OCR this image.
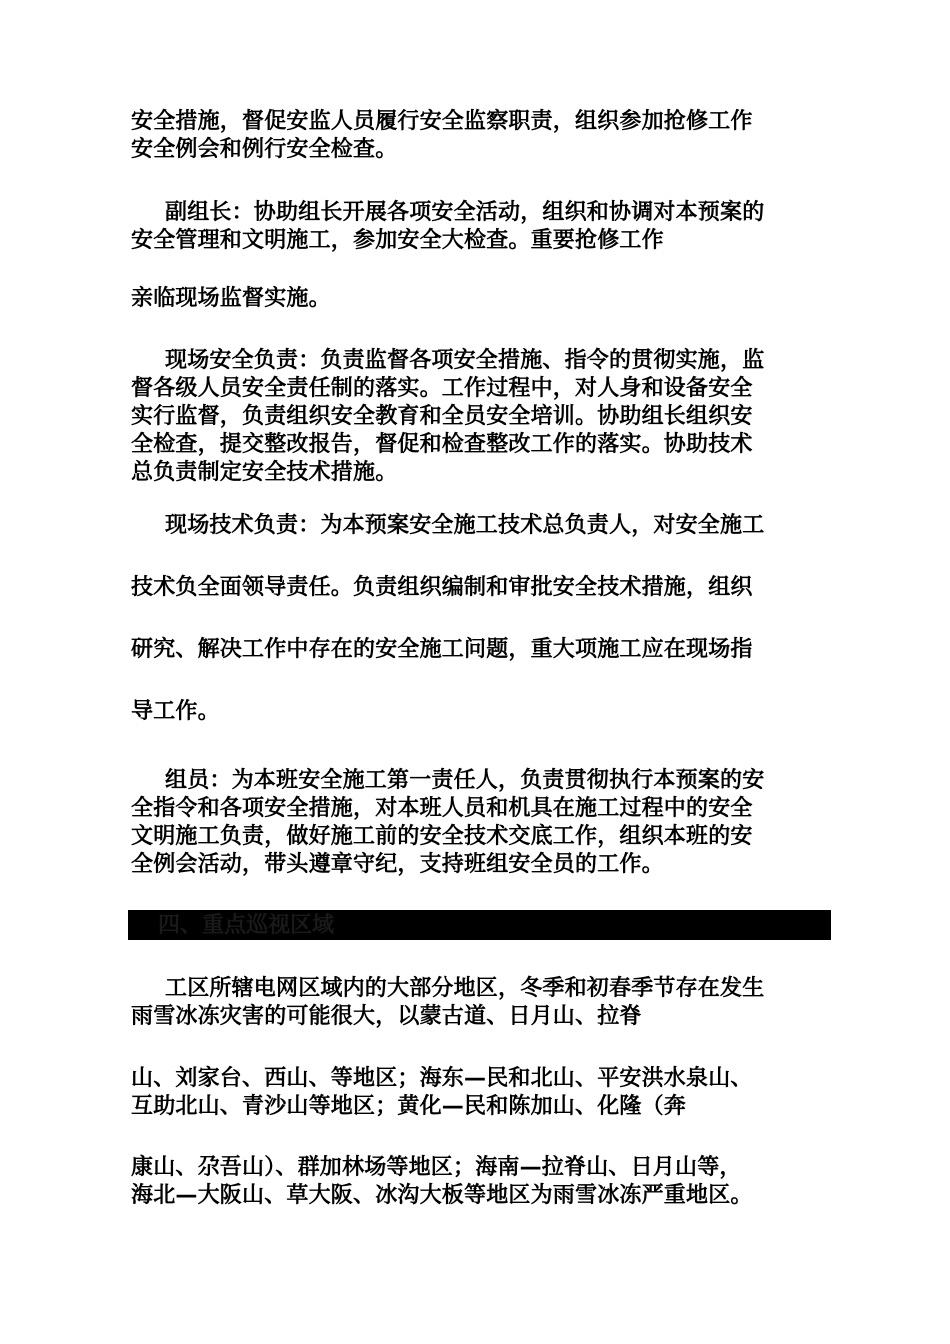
安全措施，督促安监人员履行安全监察职责，组织参加抢修工作
安全例会和例行安全检查。
副组长：协助组长开展各项安全活动，组织和协调对本预案的
安全管理和文明施工，参加安全大检查。重要抢修工作
亲临现场监督实施。
现场安全负责：负责监督各项安全措施、指令的贯彻实施，监
督各级人员安全责任制的落实。工作过程中，对人身和设备安全
实行监督，负责组织安全教育和全员安全培训。协助组长组织安
全检查，提交整改报告，督促和检查整改工作的落实。协助技术
总负责制定安全技术措施。
现场技术负责：为本预案安全施工技术总负责人，对安全施工
技术负全面领导责任。负责组织编制和审批安全技术措施，组织
研究、解决工作中存在的安全施工问题，重大项施工应在现场指
导工作。
组员：为本班安全施工第一责任人，负责贯彻执行本预案的安
全指令和各项安全措施，对本班人员和机具在施工过程中的安全
文明施工负责，做好施工前的安全技术交底工作，组织本班的安
全例会活动，带头遵章守纪，支持班组安全员的工作。
四、重点巡视区域
工区所辖电网区域内的大部分地区，冬季和初春季节存在发生
雨雪冰冻灾害的可能很大，以蒙古道、日月山、拉脊
山、刘家台、西山、等地区；海东—民和北山、平安洪水泉山、
互助北山、青沙山等地区；黄化—民和陈加山、化隆（奔
康山、尕吾山）、群加林场等地区；海南—拉脊山、日月山等，
海北—大阪山、草大阪、冰沟大板等地区为雨雪冰冻严重地区。
